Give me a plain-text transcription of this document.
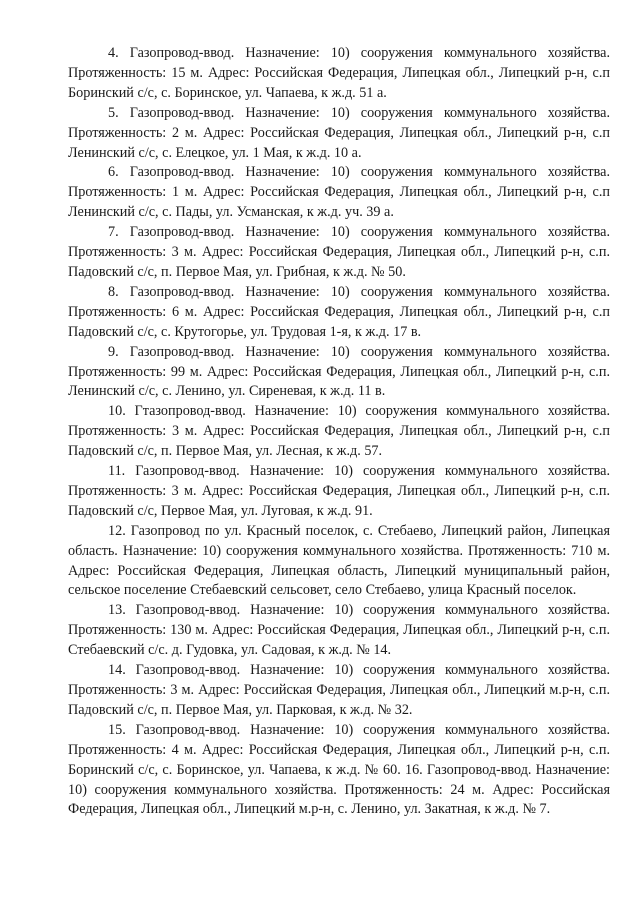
4. Газопровод-ввод. Назначение: 10) сооружения коммунального хозяйства. Протяженность: 15 м. Адрес: Российская Федерация, Липецкая обл., Липецкий р-н, с.п Боринский с/с, с. Боринское, ул. Чапаева, к ж.д. 51 а.

5. Газопровод-ввод. Назначение: 10) сооружения коммунального хозяйства. Протяженность: 2 м. Адрес: Российская Федерация, Липецкая обл., Липецкий р-н, с.п Ленинский с/с, с. Елецкое, ул. 1 Мая, к ж.д. 10 а.

6. Газопровод-ввод. Назначение: 10) сооружения коммунального хозяйства. Протяженность: 1 м. Адрес: Российская Федерация, Липецкая обл., Липецкий р-н, с.п Ленинский с/с, с. Пады, ул. Усманская, к ж.д. уч. 39 а.

7. Газопровод-ввод. Назначение: 10) сооружения коммунального хозяйства. Протяженность: 3 м. Адрес: Российская Федерация, Липецкая обл., Липецкий р-н, с.п. Падовский с/с, п. Первое Мая, ул. Грибная, к ж.д. № 50.

8. Газопровод-ввод. Назначение: 10) сооружения коммунального хозяйства. Протяженность: 6 м. Адрес: Российская Федерация, Липецкая обл., Липецкий р-н, с.п Падовский с/с, с. Крутогорье, ул. Трудовая 1-я, к ж.д. 17 в.

9. Газопровод-ввод. Назначение: 10) сооружения коммунального хозяйства. Протяженность: 99 м. Адрес: Российская Федерация, Липецкая обл., Липецкий р-н, с.п. Ленинский с/с, с. Ленино, ул. Сиреневая, к ж.д. 11 в.

10. Гтазопровод-ввод. Назначение: 10) сооружения коммунального хозяйства. Протяженность: 3 м. Адрес: Российская Федерация, Липецкая обл., Липецкий р-н, с.п Падовский с/с, п. Первое Мая, ул. Лесная, к ж.д. 57.

11. Газопровод-ввод. Назначение: 10) сооружения коммунального хозяйства. Протяженность: 3 м. Адрес: Российская Федерация, Липецкая обл., Липецкий р-н, с.п. Падовский с/с, Первое Мая, ул. Луговая, к ж.д. 91.

12. Газопровод по ул. Красный поселок, с. Стебаево, Липецкий район, Липецкая область. Назначение: 10) сооружения коммунального хозяйства. Протяженность: 710 м. Адрес: Российская Федерация, Липецкая область, Липецкий муниципальный район, сельское поселение Стебаевский сельсовет, село Стебаево, улица Красный поселок.

13. Газопровод-ввод. Назначение: 10) сооружения коммунального хозяйства. Протяженность: 130 м. Адрес: Российская Федерация, Липецкая обл., Липецкий р-н, с.п. Стебаевский с/с. д. Гудовка, ул. Садовая, к ж.д. № 14.

14. Газопровод-ввод. Назначение: 10) сооружения коммунального хозяйства. Протяженность: 3 м. Адрес: Российская Федерация, Липецкая обл., Липецкий м.р-н, с.п. Падовский с/с, п. Первое Мая, ул. Парковая, к ж.д. № 32.

15. Газопровод-ввод. Назначение: 10) сооружения коммунального хозяйства. Протяженность: 4 м. Адрес: Российская Федерация, Липецкая обл., Липецкий р-н, с.п. Боринский с/с, с. Боринское, ул. Чапаева, к ж.д. № 60. 16. Газопровод-ввод. Назначение: 10) сооружения коммунального хозяйства. Протяженность: 24 м. Адрес: Российская Федерация, Липецкая обл., Липецкий м.р-н, с. Ленино, ул. Закатная, к ж.д. № 7.
